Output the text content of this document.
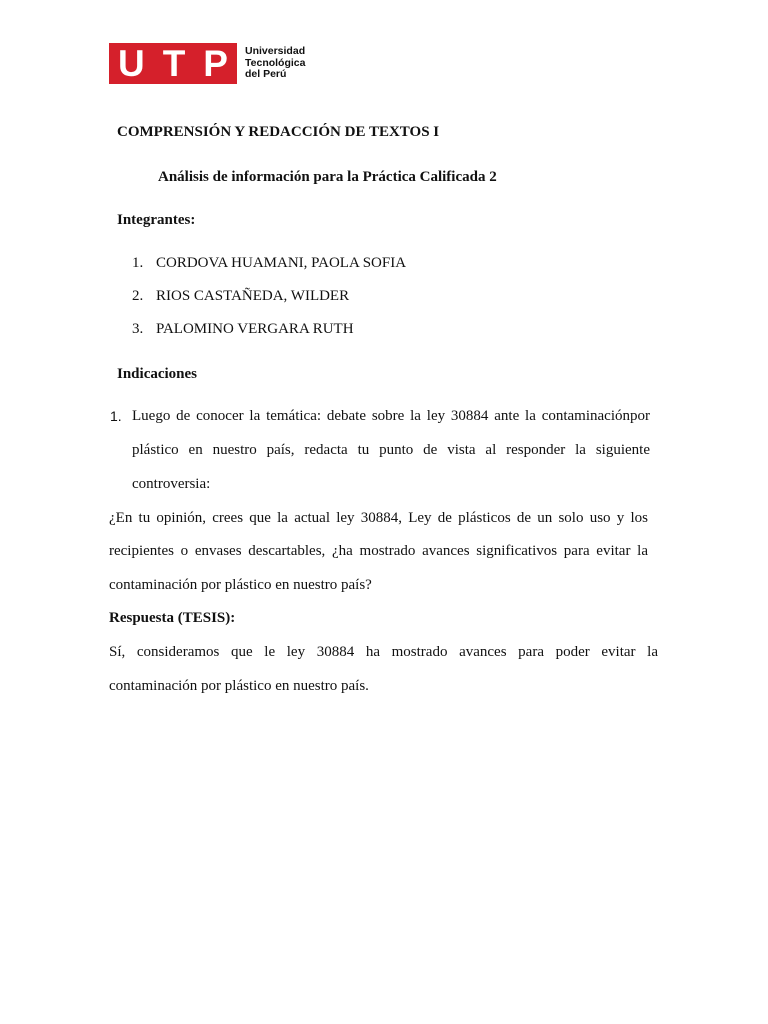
U T P Universidad
Tecnológica
del Perú
COMPRENSIÓN Y REDACCIÓN DE TEXTOS I
Análisis de información para la Práctica Calificada 2
Integrantes:
1. CORDOVA HUAMANI, PAOLA SOFIA
2. RIOS CASTAÑEDA, WILDER
3. PALOMINO VERGARA RUTH
Indicaciones
1. Luego de conocer la temática: debate sobre la ley 30884 ante la contaminaciónpor
plástico en nuestro país, redacta tu punto de vista al responder la siguiente
controversia:
¿En tu opinión, crees que la actual ley 30884, Ley de plásticos de un solo uso y los
recipientes o envases descartables, ¿ha mostrado avances significativos para evitar la
contaminación por plástico en nuestro país?
Respuesta (TESIS):
Sí, consideramos que le ley 30884 ha mostrado avances para poder evitar la
contaminación por plástico en nuestro país.
